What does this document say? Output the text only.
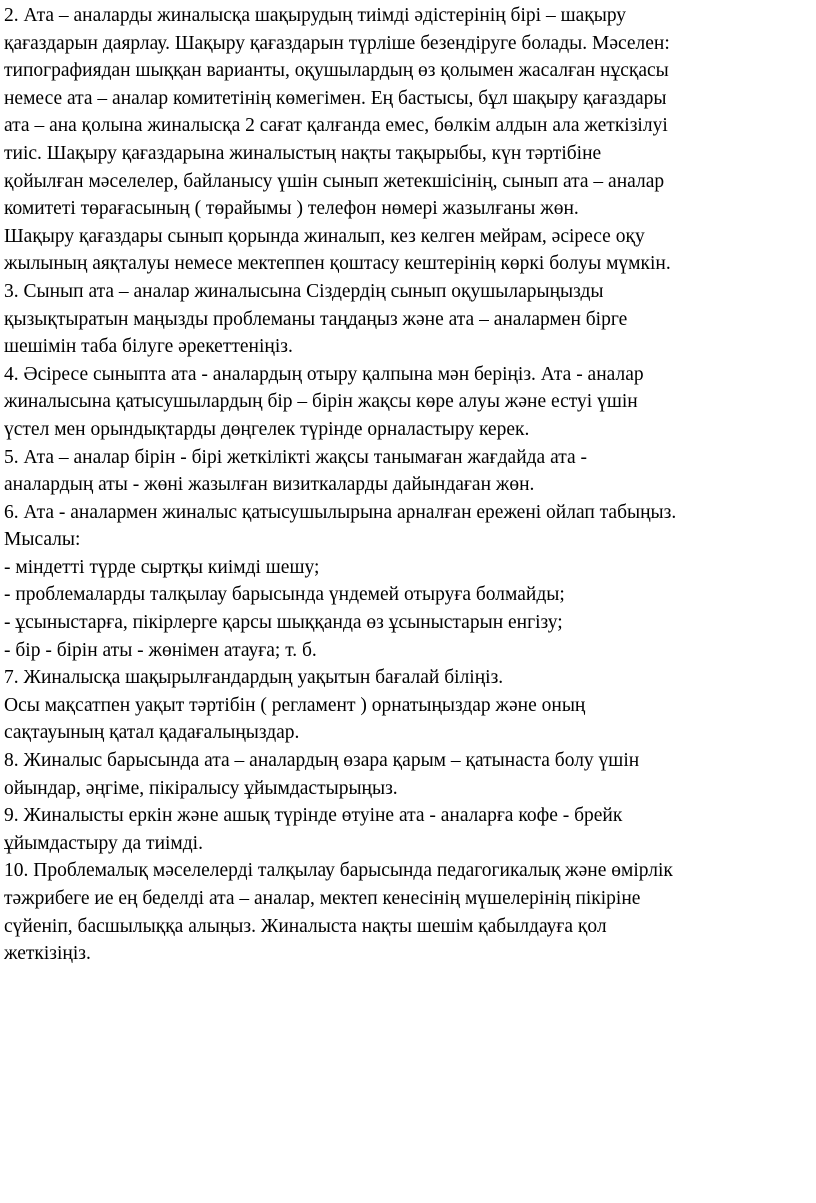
2. Ата – аналарды жиналысқа шақырудың тиімді әдістерінің бірі – шақыру
қағаздарын даярлау. Шақыру қағаздарын түрліше безендіруге болады. Мәселен:
типографиядан шыққан варианты, оқушылардың өз қолымен жасалған нұсқасы
немесе ата – аналар комитетінің көмегімен. Ең бастысы, бұл шақыру қағаздары
ата – ана қолына жиналысқа 2 сағат қалғанда емес, бөлкім алдын ала жеткізілуі
тиіс. Шақыру қағаздарына жиналыстың нақты тақырыбы, күн тәртібіне
қойылған мәселелер, байланысу үшін сынып жетекшісінің, сынып ата – аналар
комитеті төрағасының ( төрайымы ) телефон нөмері жазылғаны жөн.
Шақыру қағаздары сынып қорында жиналып, кез келген мейрам, әсіресе оқу
жылының аяқталуы немесе мектеппен қоштасу кештерінің көркі болуы мүмкін.
3. Сынып ата – аналар жиналысына Сіздердің сынып оқушыларыңызды
қызықтыратын маңызды проблеманы таңдаңыз және ата – аналармен бірге
шешімін таба білуге әрекеттеніңіз.
4. Әсіресе сыныпта ата - аналардың отыру қалпына мән беріңіз. Ата - аналар
жиналысына қатысушылардың бір – бірін жақсы көре алуы және естуі үшін
үстел мен орындықтарды дөңгелек түрінде орналастыру керек.
5. Ата – аналар бірін - бірі жеткілікті жақсы танымаған жағдайда ата -
аналардың аты - жөні жазылған визиткаларды дайындаған жөн.
6. Ата - аналармен жиналыс қатысушылырына арналған ережені ойлап табыңыз.
Мысалы:
- міндетті түрде сыртқы киімді шешу;
- проблемаларды талқылау барысында үндемей отыруға болмайды;
- ұсыныстарға, пікірлерге қарсы шыққанда өз ұсыныстарын енгізу;
- бір - бірін аты - жөнімен атауға; т. б.
7. Жиналысқа шақырылғандардың уақытын бағалай біліңіз.
Осы мақсатпен уақыт тәртібін ( регламент ) орнатыңыздар және оның
сақтауының қатал қадағалыңыздар.
8. Жиналыс барысында ата – аналардың өзара қарым – қатынаста болу үшін
ойындар, әңгіме, пікіралысу ұйымдастырыңыз.
9. Жиналысты еркін және ашық түрінде өтуіне ата - аналарға кофе - брейк
ұйымдастыру да тиімді.
10. Проблемалық мәселелерді талқылау барысында педагогикалық және өмірлік
тәжрибеге ие ең беделді ата – аналар, мектеп кенесінің мүшелерінің пікіріне
сүйеніп, басшылыққа алыңыз. Жиналыста нақты шешім қабылдауға қол
жеткізіңіз.
